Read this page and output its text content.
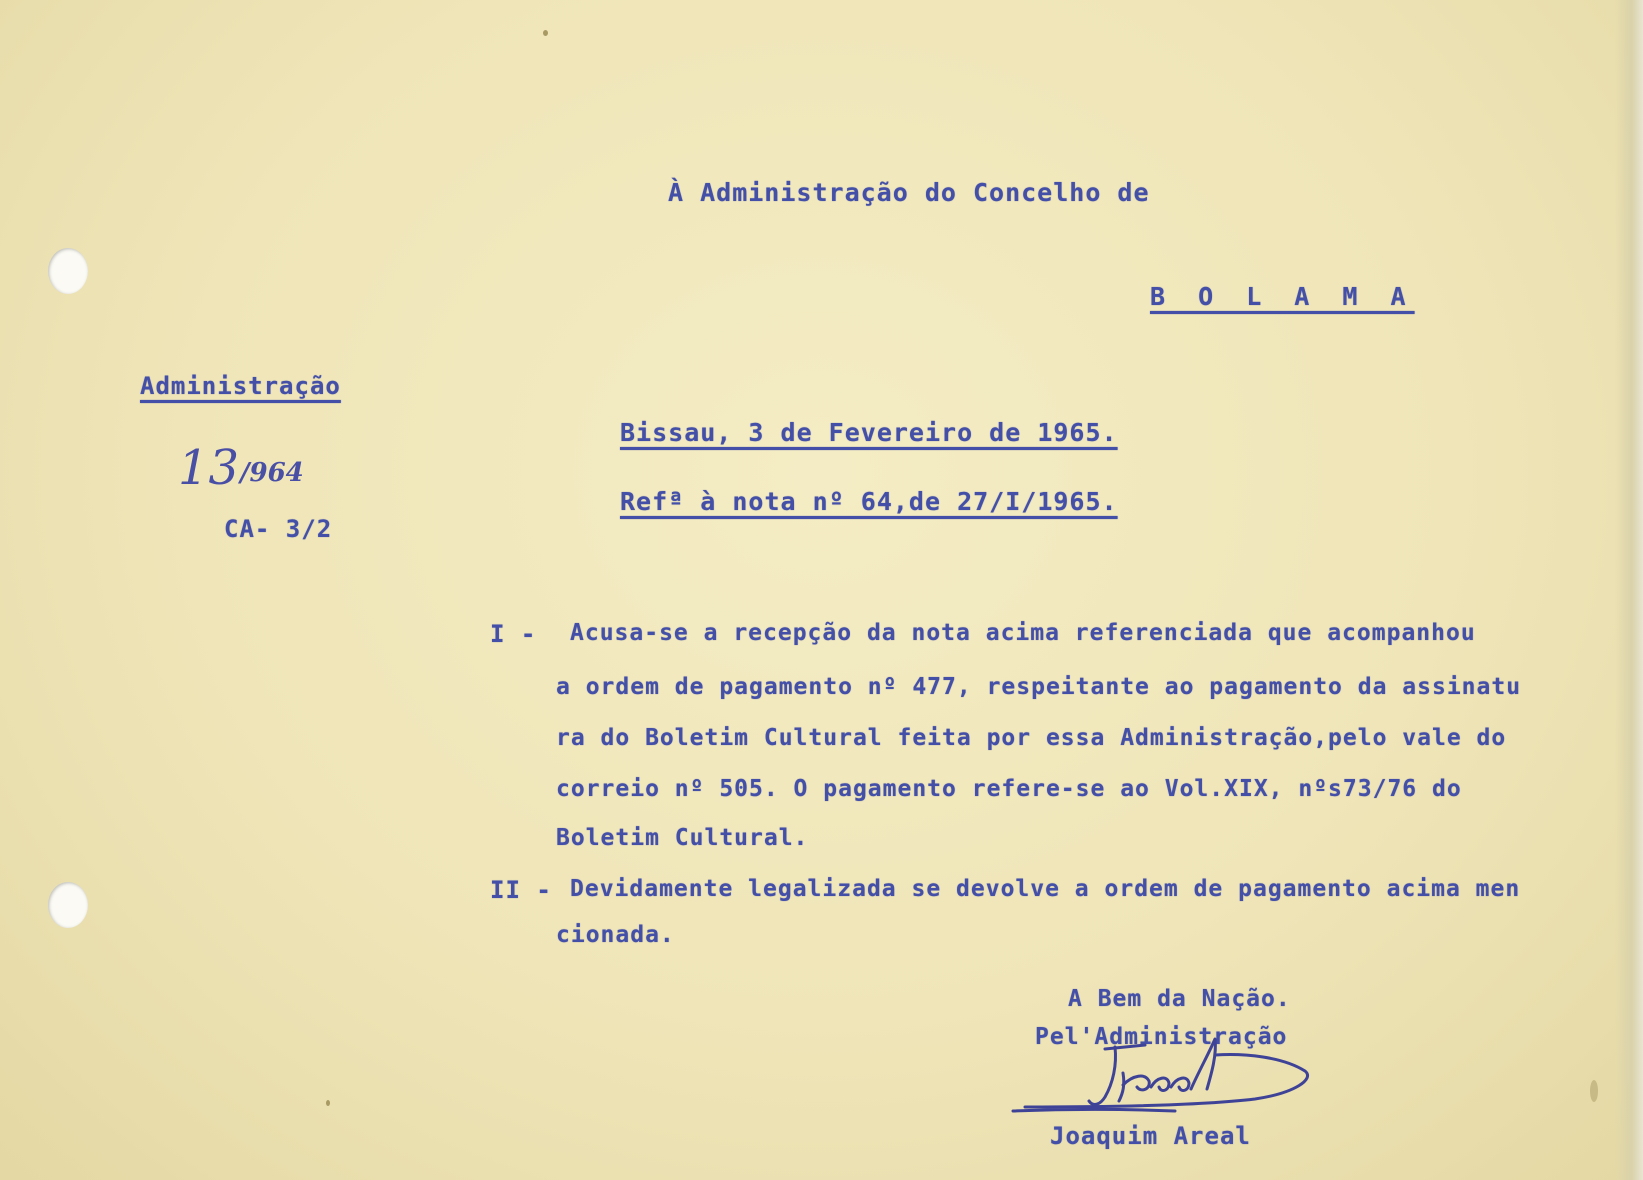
À Administração do Concelho de
B O L A M A
Administração
13 /964
CA- 3/2
Bissau, 3 de Fevereiro de 1965.
Refª à nota nº 64,de 27/I/1965.
I - Acusa-se a recepção da nota acima referenciada que acompanhou
a ordem de pagamento nº 477, respeitante ao pagamento da assinatu
ra do Boletim Cultural feita por essa Administração,pelo vale do
correio nº 505. O pagamento refere-se ao Vol.XIX, nºs73/76 do
Boletim Cultural.
II - Devidamente legalizada se devolve a ordem de pagamento acima men
cionada.
A Bem da Nação.
Pel'Administração
Joaquim Areal
